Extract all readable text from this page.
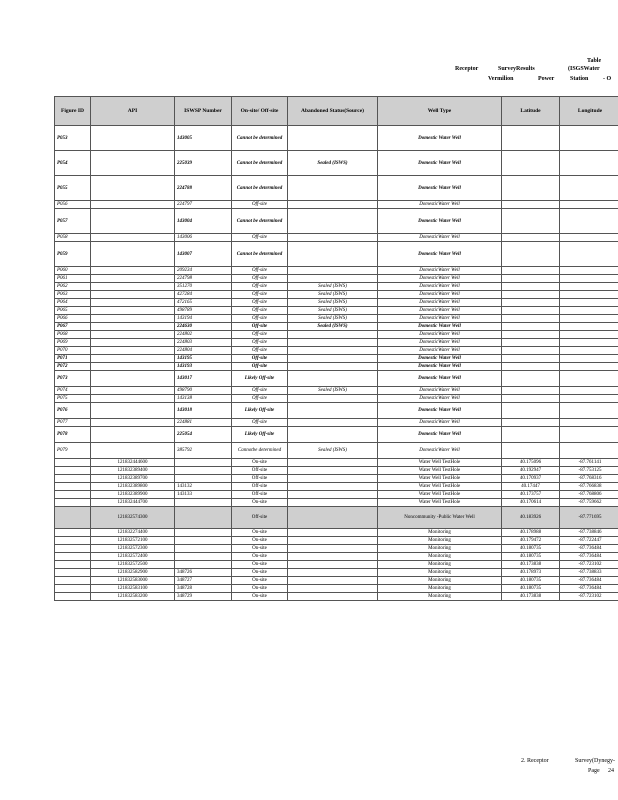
Table
Receptor	SurveyResults	(ISGSWater
Vermilion	Power	Station - O
Figure ID	API	ISWSP Number	On-site/ Off-site	Abandoned Status(Source)	Well Type	Latitude	Longitude
P053		143005	Cannot be determined		Domestic Water Well		
P054		225039	Cannot be determined	Sealed (ISWS)	Domestic Water Well		
P055		224788	Cannot be determined		Domestic Water Well		
P056		224797	Off-site		DomesticWater Well		
P057		143004	Cannot be determined		Domestic Water Well		
P058		143006	Off-site		DomesticWater Well		
P059		143007	Cannot be determined		Domestic Water Well		
P060		209234	Off-site		DomesticWater Well		
P061		224798	Off-site		DomesticWater Well		
P062		351270	Off-site	Sealed (ISWS)	DomesticWater Well		
P063		427284	Off-site	Sealed (ISWS)	DomesticWater Well		
P064		472165	Off-site	Sealed (ISWS)	DomesticWater Well		
P065		498789	Off-site	Sealed (ISWS)	DomesticWater Well		
P066		143194	Off-site	Sealed (ISWS)	DomesticWater Well		
P067		224630	Off-site	Sealed (ISWS)	Domestic Water Well		
P068		224802	Off-site		DomesticWater Well		
P069		224803	Off-site		DomesticWater Well		
P070		224804	Off-site		DomesticWater Well		
P071		143195	Off-site		Domestic Water Well		
P072		143193	Off-site		Domestic Water Well		
P073		143017	Likely Off-site		Domestic Water Well		
P074		498790	Off-site	Sealed (ISWS)	DomesticWater Well		
P075		143138	Off-site		DomesticWater Well		
P076		143018	Likely Off-site		Domestic Water Well		
P077		224881	Off-site		DomesticWater Well		
P078		225054	Likely Off-site		Domestic Water Well		
P079		385792	Cannotbe determined	Sealed (ISWS)	DomesticWater Well		
	121832444600		On-site		Water Well TestHole	40.175096	-87.761141
	121832389400		Off-site		Water Well TestHole	40.192947	-87.753125
	121832389700		Off-site		Water Well TestHole	40.170937	-87.768316
	121832389800	143132	Off-site		Water Well TestHole	40.17447	-87.766838
	121832389900	143133	Off-site		Water Well TestHole	40.173757	-87.768806
	121832444700		On-site		Water Well TestHole	40.170614	-87.759662
	121832574300		Off-site		Noncommunity -Public Water Well	40.183926	-87.771695
	121832274400		On-site		Monitoring	40.178988	-87.738846
	121832572100		On-site		Monitoring	40.179472	-87.722447
	121832572300		On-site		Monitoring	40.180735	-87.736484
	121832572400		On-site		Monitoring	40.180735	-87.736484
	121832572500		On-site		Monitoring	40.173838	-87.723102
	121832582900	348726	On-site		Monitoring	40.178973	-87.738833
	121832583000	348727	On-site		Monitoring	40.180735	-87.736484
	121832583100	348728	On-site		Monitoring	40.180735	-87.736484
	121832583200	348729	On-site		Monitoring	40.173838	-87.723102
2. Receptor	Survey(Dynegy-
Page 24
